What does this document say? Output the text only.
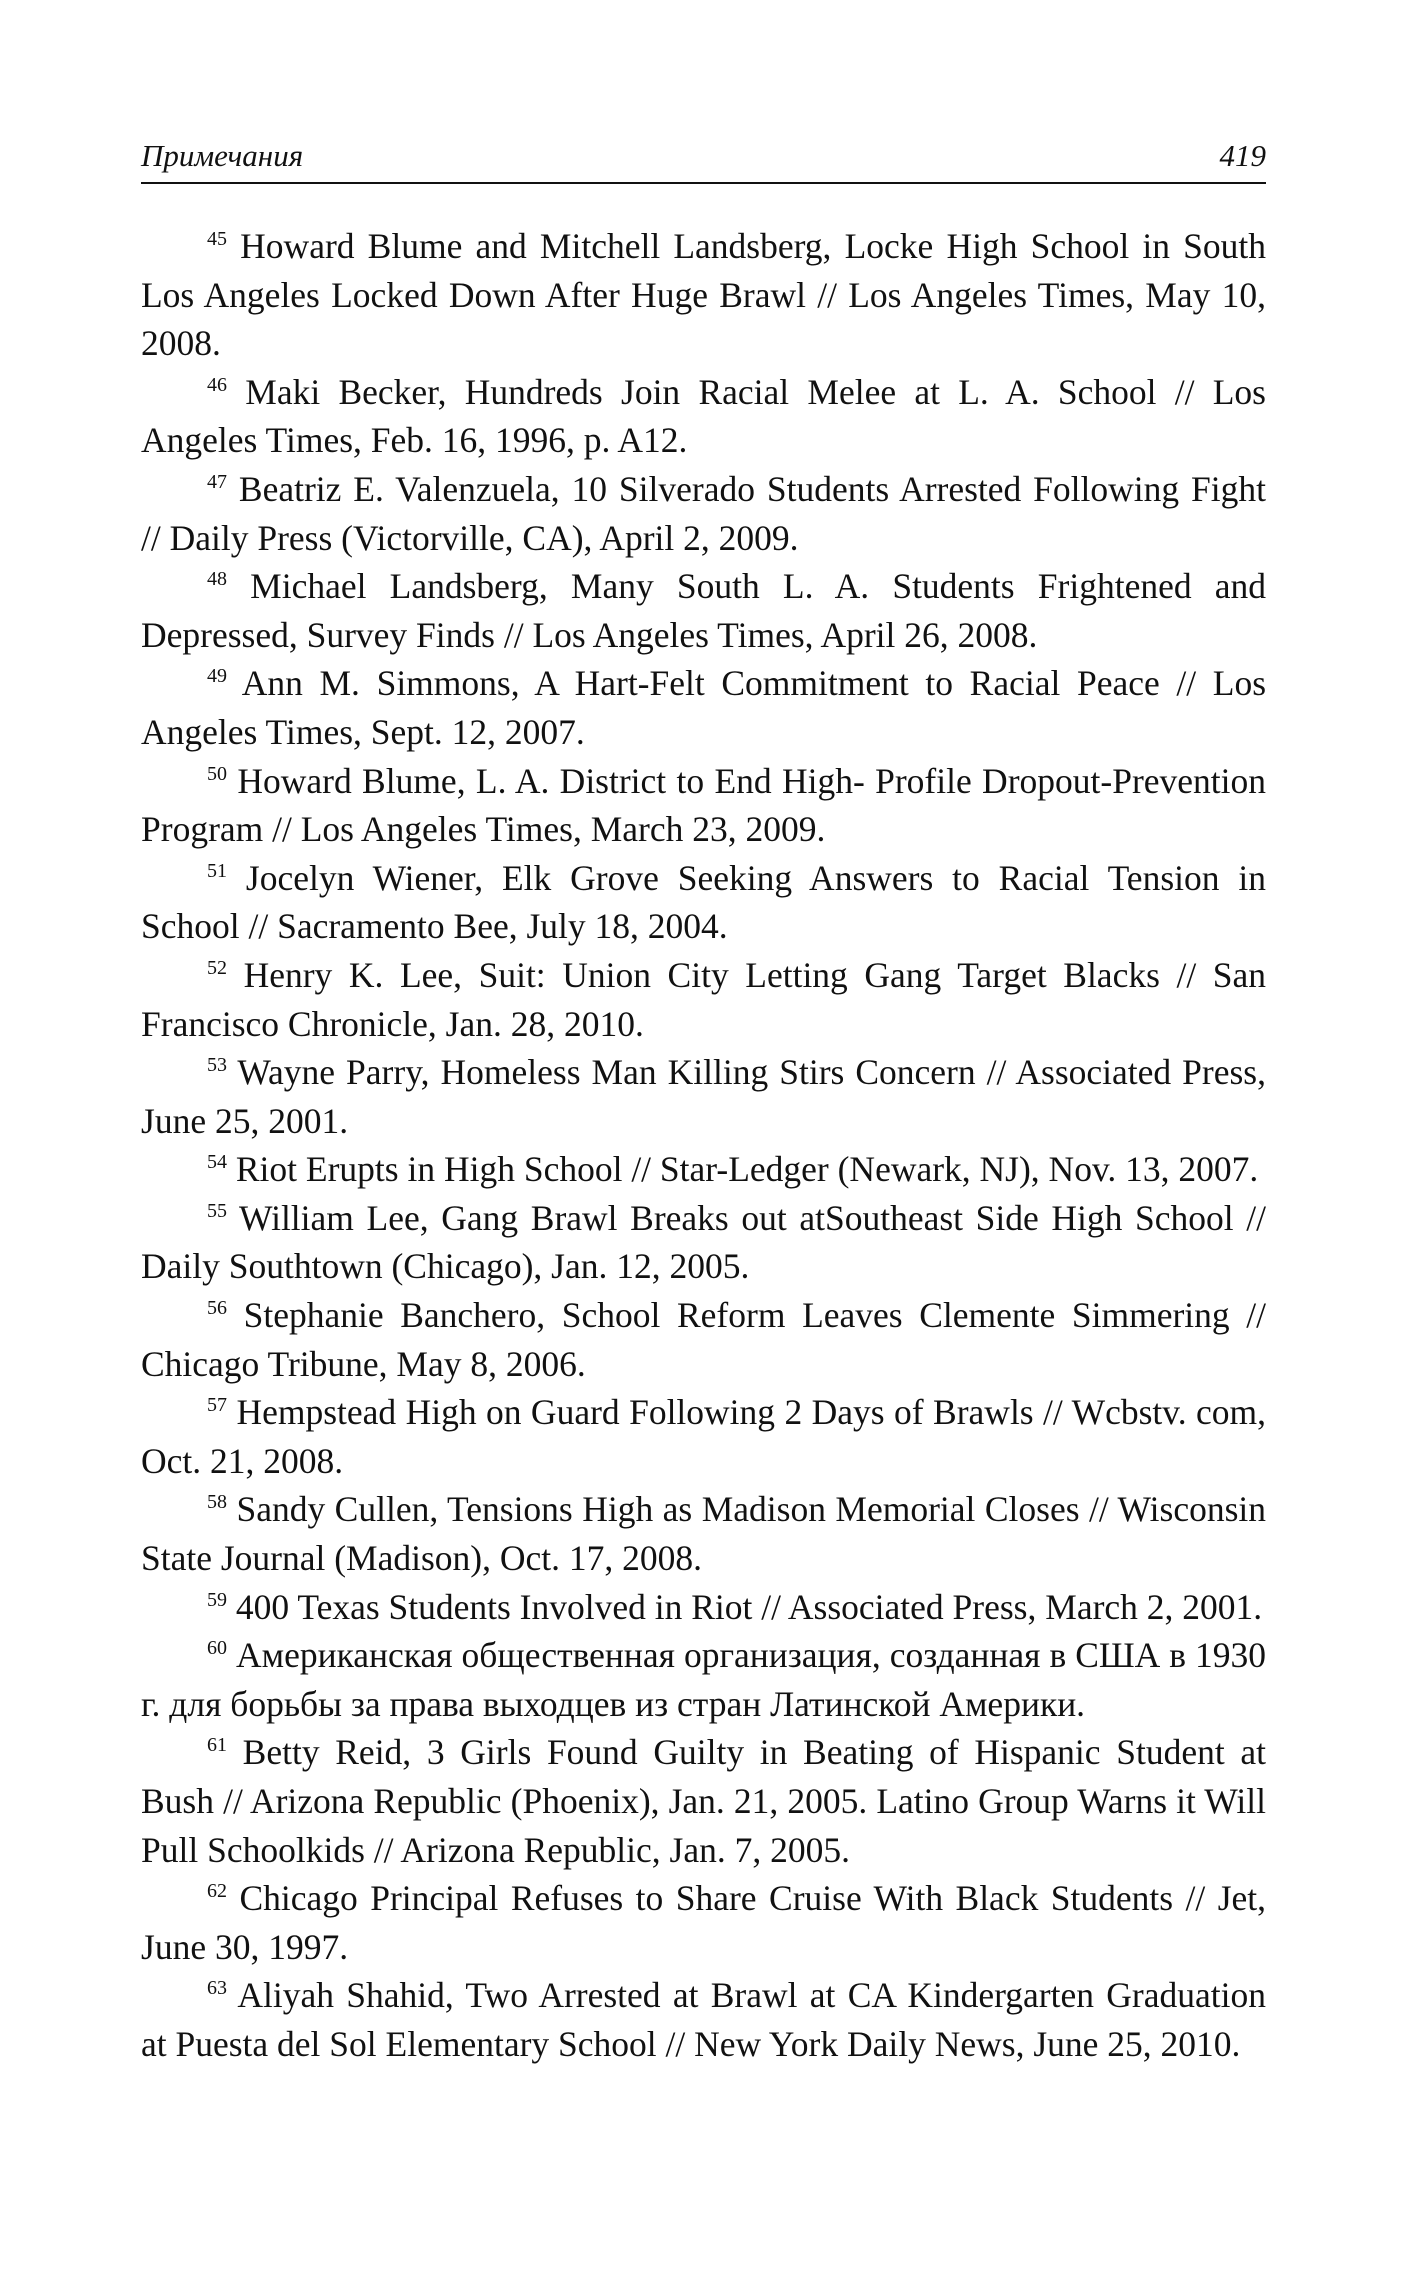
Примечания	419

$^{45}$ Howard Blume and Mitchell Landsberg, Locke High School in South Los Angeles Locked Down After Huge Brawl // Los Angeles Times, May 10, 2008.

$^{46}$ Maki Becker, Hundreds Join Racial Melee at L. A. School // Los Angeles Times, Feb. 16, 1996, p. A12.

$^{47}$ Beatriz E. Valenzuela, 10 Silverado Students Arrested Following Fight // Daily Press (Victorville, CA), April 2, 2009.

$^{48}$ Michael Landsberg, Many South L. A. Students Frightened and Depressed, Survey Finds // Los Angeles Times, April 26, 2008.

$^{49}$ Ann M. Simmons, A Hart-Felt Commitment to Racial Peace // Los Angeles Times, Sept. 12, 2007.

$^{50}$ Howard Blume, L. A. District to End High- Profile Dropout-Prevention Program // Los Angeles Times, March 23, 2009.

$^{51}$ Jocelyn Wiener, Elk Grove Seeking Answers to Racial Tension in School // Sacramento Bee, July 18, 2004.

$^{52}$ Henry K. Lee, Suit: Union City Letting Gang Target Blacks // San Francisco Chronicle, Jan. 28, 2010.

$^{53}$ Wayne Parry, Homeless Man Killing Stirs Concern // Associated Press, June 25, 2001.

$^{54}$ Riot Erupts in High School // Star-Ledger (Newark, NJ), Nov. 13, 2007.

$^{55}$ William Lee, Gang Brawl Breaks out atSoutheast Side High School // Daily Southtown (Chicago), Jan. 12, 2005.

$^{56}$ Stephanie Banchero, School Reform Leaves Clemente Simmering // Chicago Tribune, May 8, 2006.

$^{57}$ Hempstead High on Guard Following 2 Days of Brawls // Wcbstv. com, Oct. 21, 2008.

$^{58}$ Sandy Cullen, Tensions High as Madison Memorial Closes // Wisconsin State Journal (Madison), Oct. 17, 2008.

$^{59}$ 400 Texas Students Involved in Riot // Associated Press, March 2, 2001.

$^{60}$ Американская общественная организация, созданная в США в 1930 г. для борьбы за права выходцев из стран Латинской Америки.

$^{61}$ Betty Reid, 3 Girls Found Guilty in Beating of Hispanic Student at Bush // Arizona Republic (Phoenix), Jan. 21, 2005. Latino Group Warns it Will Pull Schoolkids // Arizona Republic, Jan. 7, 2005.

$^{62}$ Chicago Principal Refuses to Share Cruise With Black Students // Jet, June 30, 1997.

$^{63}$ Aliyah Shahid, Two Arrested at Brawl at CA Kindergarten Graduation at Puesta del Sol Elementary School // New York Daily News, June 25, 2010.
